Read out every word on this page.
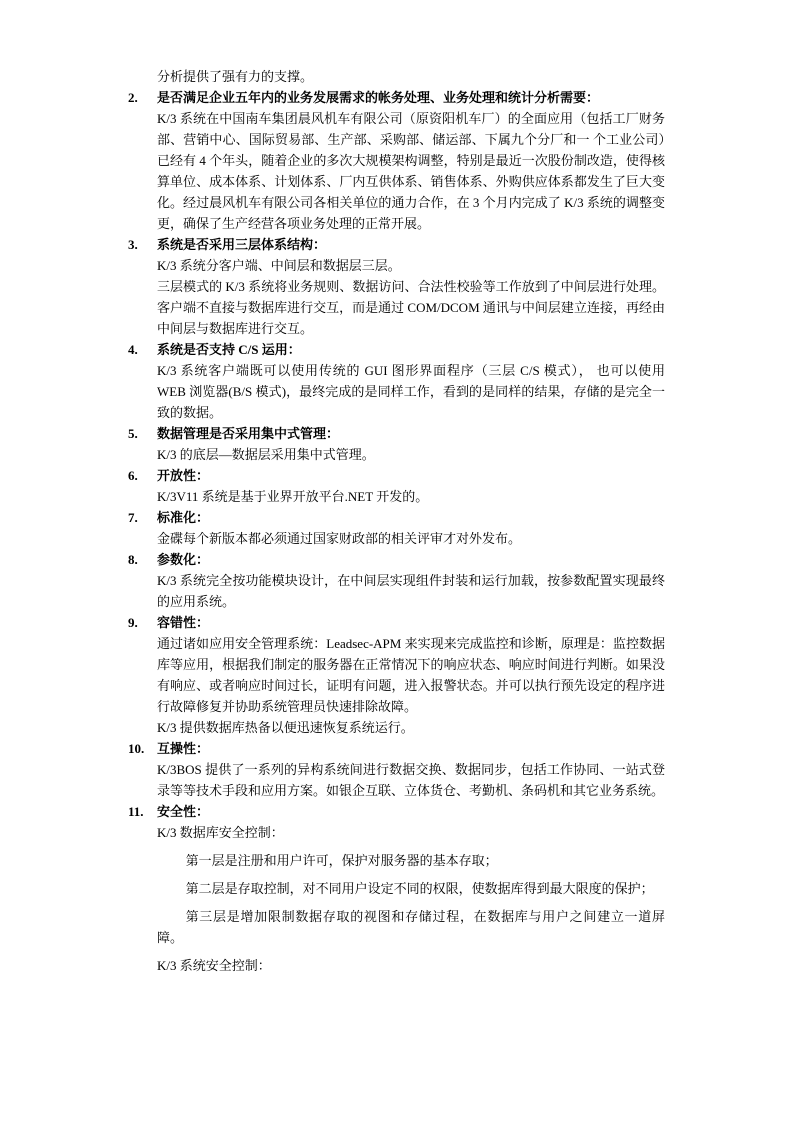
分析提供了强有力的支撑。

2.	是否满足企业五年内的业务发展需求的帐务处理、业务处理和统计分析需要：

K/3 系统在中国南车集团晨风机车有限公司（原资阳机车厂）的全面应用（包括工厂财务部、营销中心、国际贸易部、生产部、采购部、储运部、下属九个分厂和一 个工业公司）已经有 4 个年头，随着企业的多次大规模架构调整，特别是最近一次股份制改造，使得核算单位、成本体系、计划体系、厂内互供体系、销售体系、外购供应体系都发生了巨大变化。经过晨风机车有限公司各相关单位的通力合作，在 3 个月内完成了 K/3 系统的调整变更，确保了生产经营各项业务处理的正常开展。

3.	系统是否采用三层体系结构：

K/3 系统分客户端、中间层和数据层三层。

三层模式的 K/3 系统将业务规则、数据访问、合法性校验等工作放到了中间层进行处理。客户端不直接与数据库进行交互，而是通过 COM/DCOM 通讯与中间层建立连接，再经由中间层与数据库进行交互。

4.	系统是否支持 C/S 运用：

K/3 系统客户端既可以使用传统的 GUI 图形界面程序（三层 C/S 模式）， 也可以使用 WEB 浏览器(B/S 模式)，最终完成的是同样工作，看到的是同样的结果，存储的是完全一致的数据。

5.	数据管理是否采用集中式管理：

K/3 的底层—数据层采用集中式管理。

6.	开放性：

K/3V11 系统是基于业界开放平台.NET 开发的。

7.	标准化：

金碟每个新版本都必须通过国家财政部的相关评审才对外发布。

8.	参数化：

K/3 系统完全按功能模块设计，在中间层实现组件封装和运行加载，按参数配置实现最终的应用系统。

9.	容错性：

通过诸如应用安全管理系统：Leadsec-APM 来实现来完成监控和诊断，原理是：监控数据库等应用，根据我们制定的服务器在正常情况下的响应状态、响应时间进行判断。如果没有响应、或者响应时间过长，证明有问题，进入报警状态。并可以执行预先设定的程序进行故障修复并协助系统管理员快速排除故障。

K/3 提供数据库热备以便迅速恢复系统运行。

10. 互操性：

K/3BOS 提供了一系列的异构系统间进行数据交换、数据同步，包括工作协同、一站式登录等等技术手段和应用方案。如银企互联、立体货仓、考勤机、条码机和其它业务系统。

11.	安全性：

K/3 数据库安全控制：

第一层是注册和用户许可，保护对服务器的基本存取；

第二层是存取控制，对不同用户设定不同的权限，使数据库得到最大限度的保护；

第三层是增加限制数据存取的视图和存储过程，在数据库与用户之间建立一道屏障。

K/3 系统安全控制：
